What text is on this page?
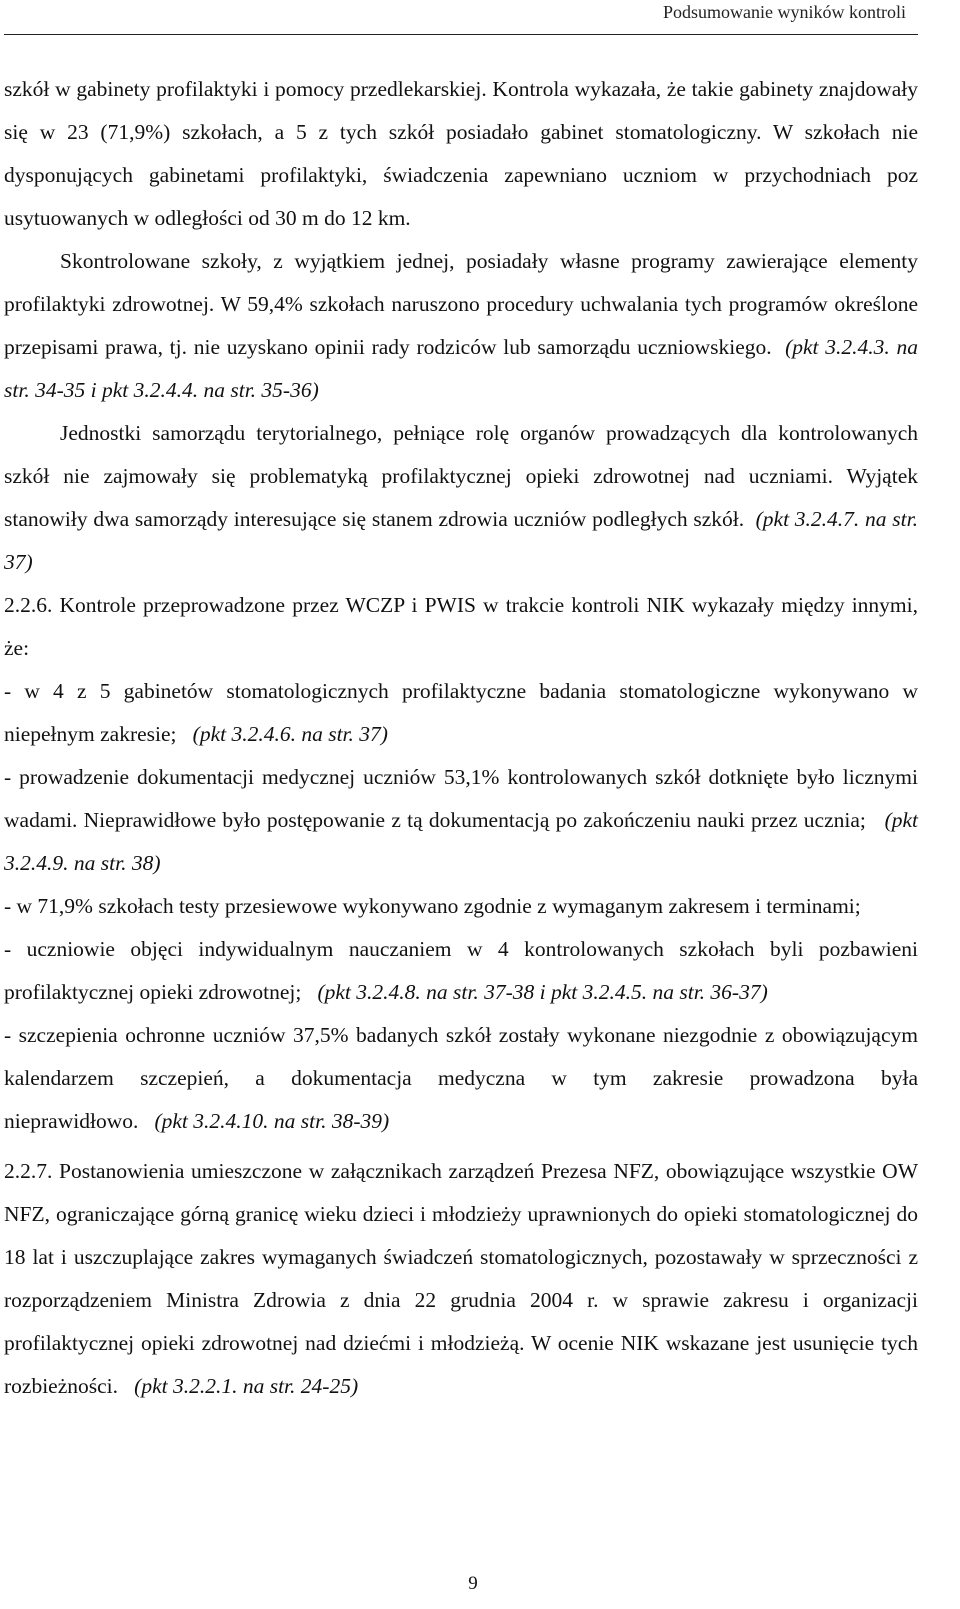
Podsumowanie wyników kontroli

szkół w gabinety profilaktyki i pomocy przedlekarskiej. Kontrola wykazała, że takie gabinety znajdowały się w 23 (71,9%) szkołach, a 5 z tych szkół posiadało gabinet stomatologiczny. W szkołach nie dysponujących gabinetami profilaktyki, świadczenia zapewniano uczniom w przychodniach poz usytuowanych w odległości od 30 m do 12 km.

Skontrolowane szkoły, z wyjątkiem jednej, posiadały własne programy zawierające elementy profilaktyki zdrowotnej. W 59,4% szkołach naruszono procedury uchwalania tych programów określone przepisami prawa, tj. nie uzyskano opinii rady rodziców lub samorządu uczniowskiego. (pkt 3.2.4.3. na str. 34-35 i pkt 3.2.4.4. na str. 35-36)

Jednostki samorządu terytorialnego, pełniące rolę organów prowadzących dla kontrolowanych szkół nie zajmowały się problematyką profilaktycznej opieki zdrowotnej nad uczniami. Wyjątek stanowiły dwa samorządy interesujące się stanem zdrowia uczniów podległych szkół. (pkt 3.2.4.7. na str. 37)

2.2.6. Kontrole przeprowadzone przez WCZP i PWIS w trakcie kontroli NIK wykazały między innymi, że:

- w 4 z 5 gabinetów stomatologicznych profilaktyczne badania stomatologiczne wykonywano w niepełnym zakresie; (pkt 3.2.4.6. na str. 37)

- prowadzenie dokumentacji medycznej uczniów 53,1% kontrolowanych szkół dotknięte było licznymi wadami. Nieprawidłowe było postępowanie z tą dokumentacją po zakończeniu nauki przez ucznia; (pkt 3.2.4.9. na str. 38)

- w 71,9% szkołach testy przesiewowe wykonywano zgodnie z wymaganym zakresem i terminami;

- uczniowie objęci indywidualnym nauczaniem w 4 kontrolowanych szkołach byli pozbawieni profilaktycznej opieki zdrowotnej; (pkt 3.2.4.8. na str. 37-38 i pkt 3.2.4.5. na str. 36-37)

- szczepienia ochronne uczniów 37,5% badanych szkół zostały wykonane niezgodnie z obowiązującym kalendarzem szczepień, a dokumentacja medyczna w tym zakresie prowadzona była nieprawidłowo. (pkt 3.2.4.10. na str. 38-39)

2.2.7. Postanowienia umieszczone w załącznikach zarządzeń Prezesa NFZ, obowiązujące wszystkie OW NFZ, ograniczające górną granicę wieku dzieci i młodzieży uprawnionych do opieki stomatologicznej do 18 lat i uszczuplające zakres wymaganych świadczeń stomatologicznych, pozostawały w sprzeczności z rozporządzeniem Ministra Zdrowia z dnia 22 grudnia 2004 r. w sprawie zakresu i organizacji profilaktycznej opieki zdrowotnej nad dziećmi i młodzieżą. W ocenie NIK wskazane jest usunięcie tych rozbieżności. (pkt 3.2.2.1. na str. 24-25)

9
